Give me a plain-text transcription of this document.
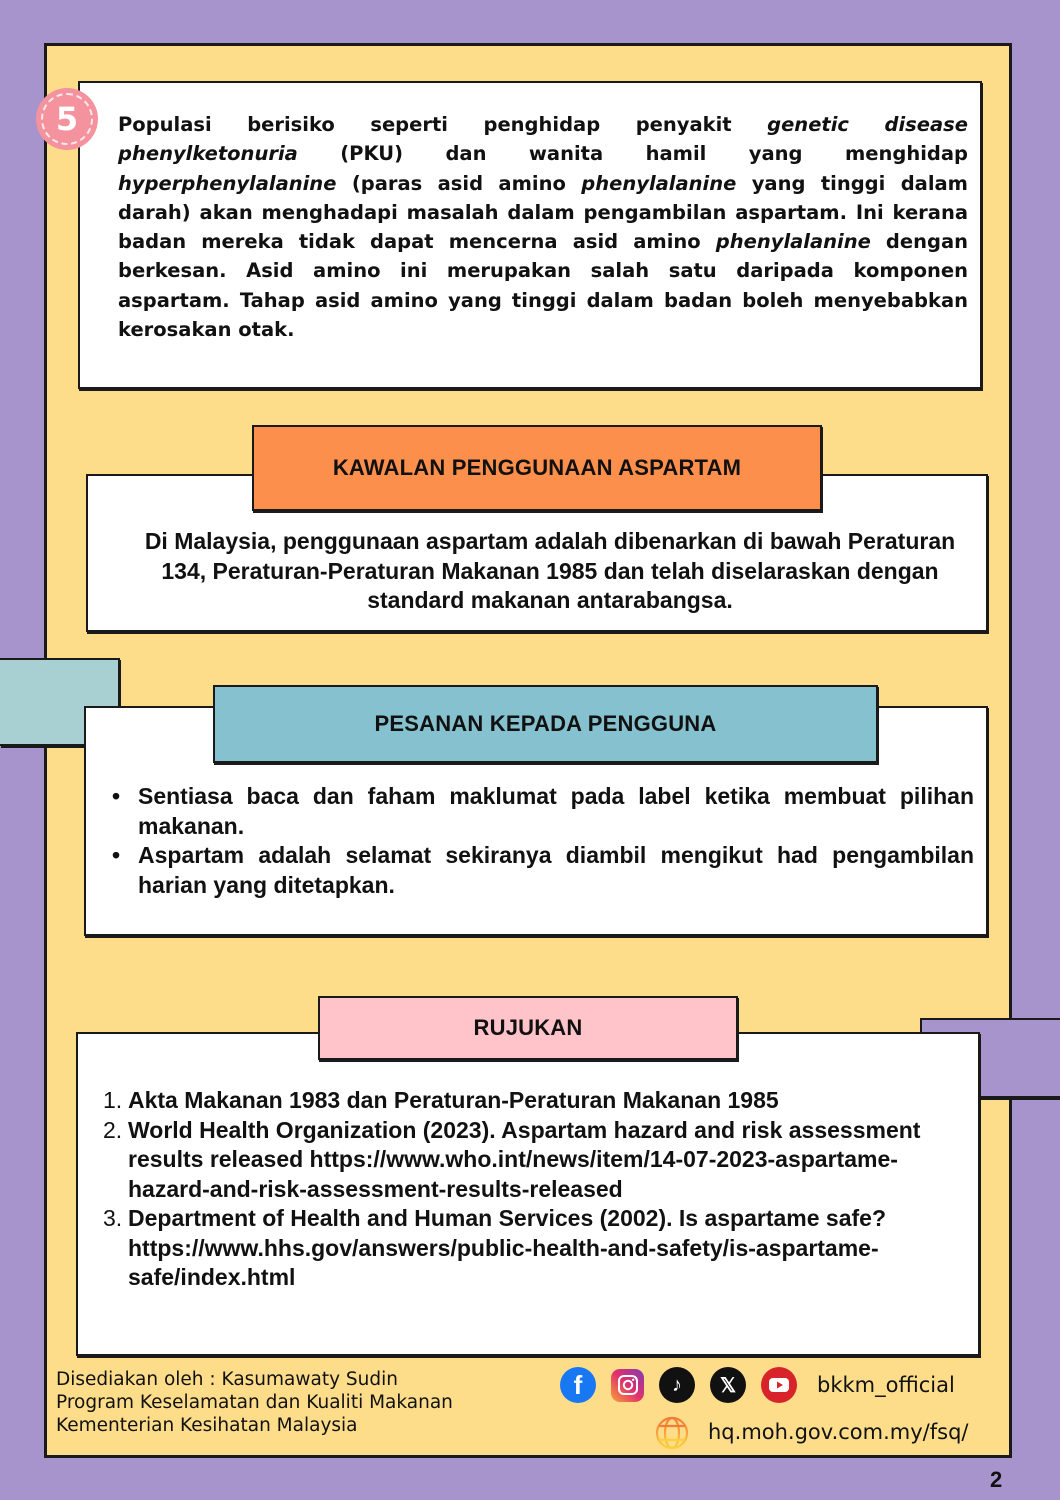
5 Populasi berisiko seperti penghidap penyakit genetic disease phenylketonuria (PKU) dan wanita hamil yang menghidap hyperphenylalanine (paras asid amino phenylalanine yang tinggi dalam darah) akan menghadapi masalah dalam pengambilan aspartam. Ini kerana badan mereka tidak dapat mencerna asid amino phenylalanine dengan berkesan. Asid amino ini merupakan salah satu daripada komponen aspartam. Tahap asid amino yang tinggi dalam badan boleh menyebabkan kerosakan otak.
KAWALAN PENGGUNAAN ASPARTAM
Di Malaysia, penggunaan aspartam adalah dibenarkan di bawah Peraturan 134, Peraturan-Peraturan Makanan 1985 dan telah diselaraskan dengan standard makanan antarabangsa.
PESANAN KEPADA PENGGUNA
• Sentiasa baca dan faham maklumat pada label ketika membuat pilihan makanan.
• Aspartam adalah selamat sekiranya diambil mengikut had pengambilan harian yang ditetapkan.
RUJUKAN
1. Akta Makanan 1983 dan Peraturan-Peraturan Makanan 1985
2. World Health Organization (2023). Aspartam hazard and risk assessment results released https://www.who.int/news/item/14-07-2023-aspartame-hazard-and-risk-assessment-results-released
3. Department of Health and Human Services (2002). Is aspartame safe?https://www.hhs.gov/answers/public-health-and-safety/is-aspartame-safe/index.html
Disediakan oleh : Kasumawaty Sudin
Program Keselamatan dan Kualiti Makanan
Kementerian Kesihatan Malaysia
f	♪	𝕏	bkkm_official
hq.moh.gov.com.my/fsq/
2
